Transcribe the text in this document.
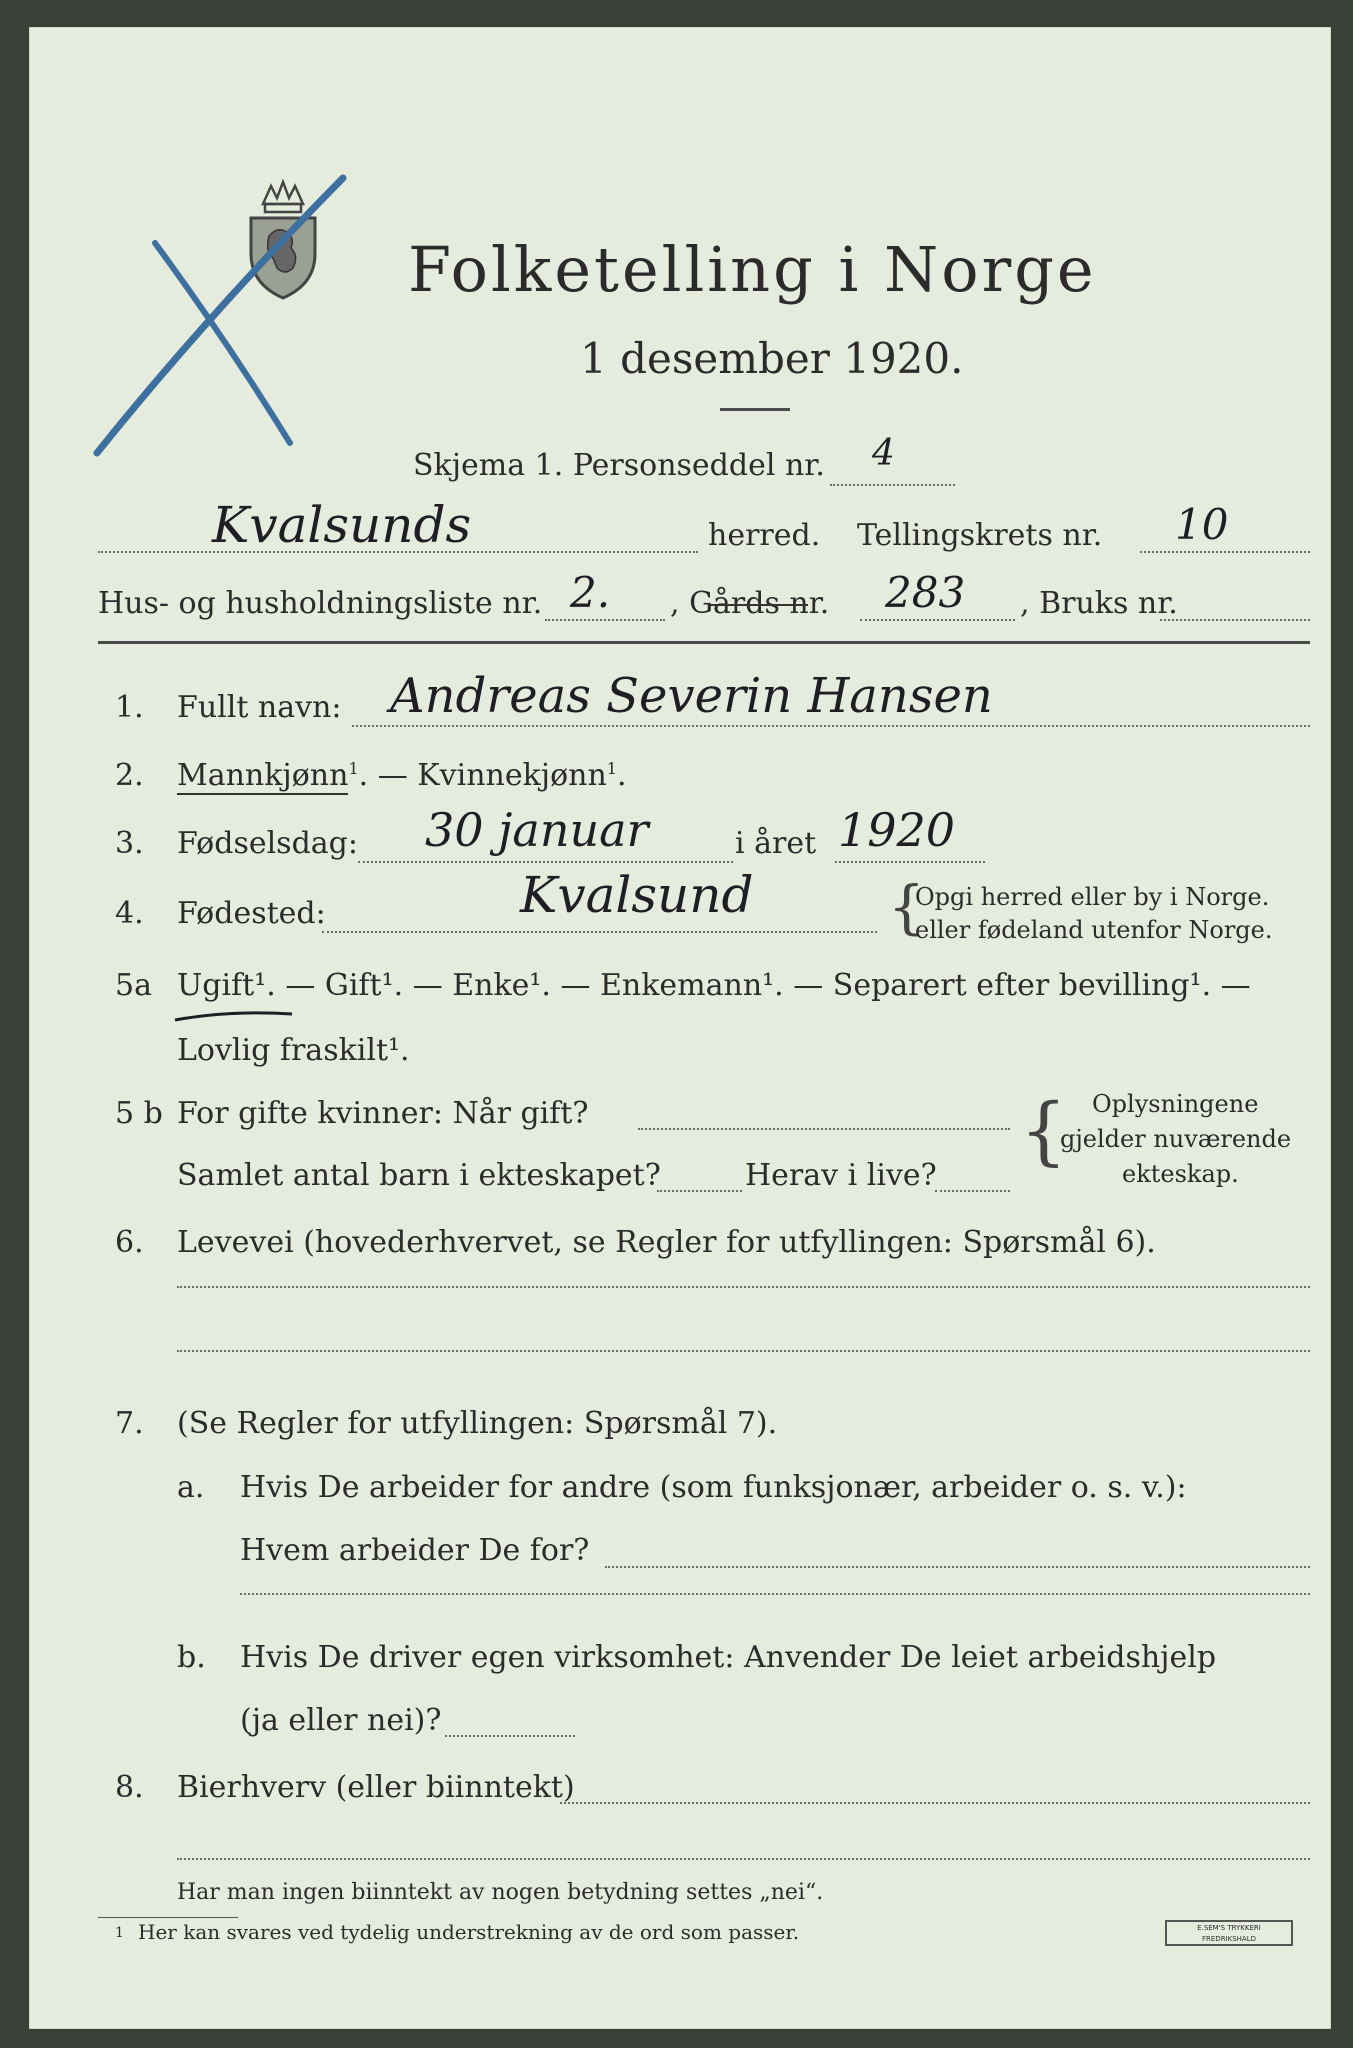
Folketelling i Norge
1 desember 1920.
Skjema 1. Personseddel nr. 4
Kvalsunds	herred. Tellingskrets nr. 10
Hus- og husholdningsliste nr. 2. , Gårds nr. 283 , Bruks nr.
1. Fullt navn: Andreas Severin Hansen
2. Mannkjønn$^1$. — Kvinnekjønn$^1$.
3. Fødselsdag: 30 januar	i året 1920
4. Fødested:	Kvalsund {
Opgi herred eller by i Norge.
eller fødeland utenfor Norge.
5a Ugift¹. — Gift¹. — Enke¹. — Enkemann¹. — Separert efter bevilling¹. —
Lovlig fraskilt¹.
5 b For gifte kvinner: Når gift?
Samlet antal barn i ekteskapet?	Herav i live?
{ Oplysningene
gjelder nuværende
ekteskap.
6. Levevei (hovederhvervet, se Regler for utfyllingen: Spørsmål 6).
7. (Se Regler for utfyllingen: Spørsmål 7).
a. Hvis De arbeider for andre (som funksjonær, arbeider o. s. v.):
Hvem arbeider De for?
b. Hvis De driver egen virksomhet: Anvender De leiet arbeidshjelp
(ja eller nei)?
8. Bierhverv (eller biinntekt)
Har man ingen biinntekt av nogen betydning settes „nei“.
1 Her kan svares ved tydelig understrekning av de ord som passer.	E.SEM'S TRYKKERI FREDRIKSHALD
